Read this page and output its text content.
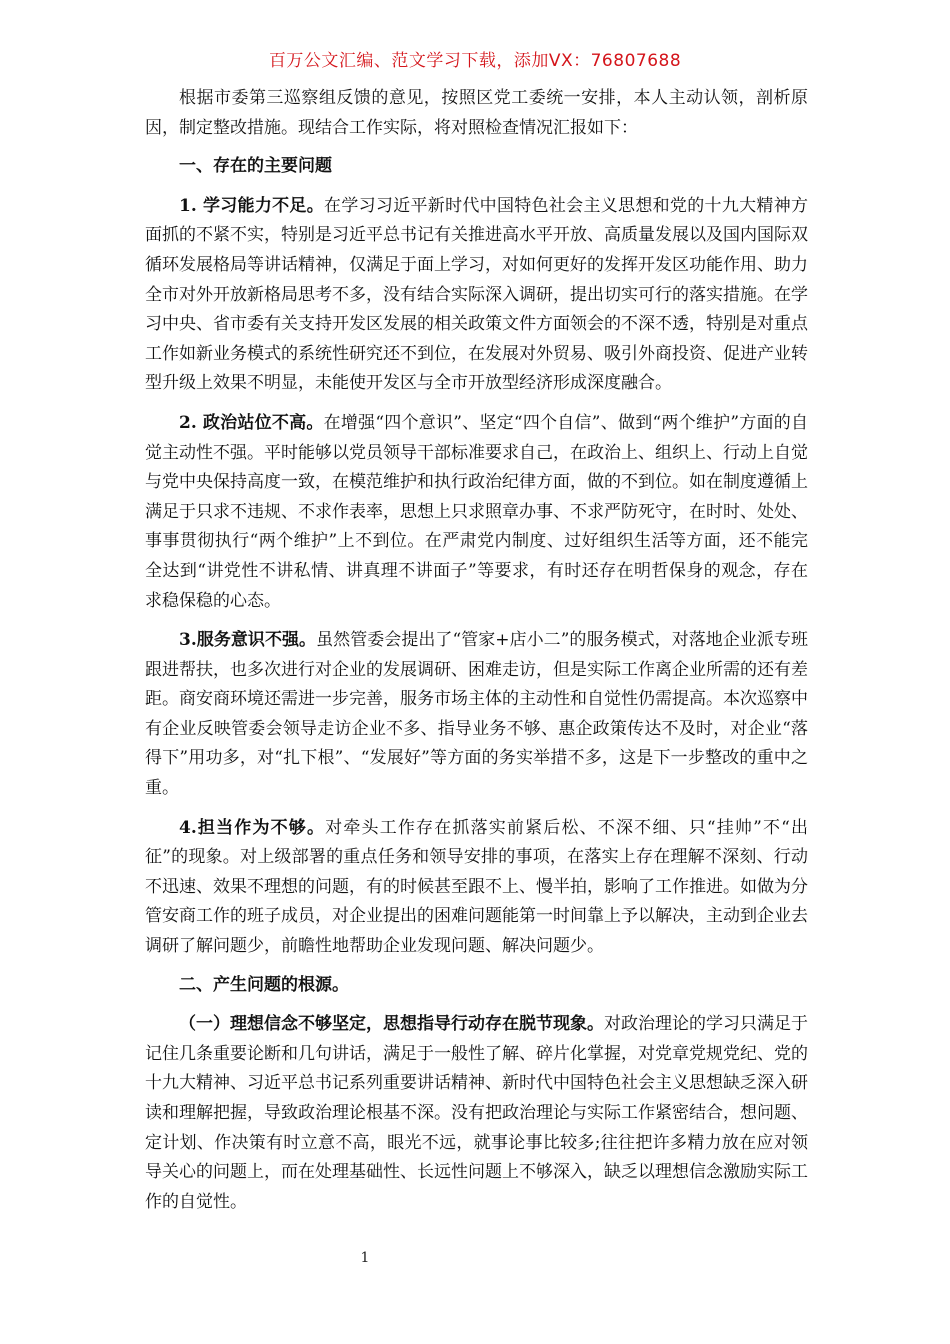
百万公文汇编、范文学习下载，添加VX：76807688

根据市委第三巡察组反馈的意见，按照区党工委统一安排，本人主动认领，剖析原因，制定整改措施。现结合工作实际，将对照检查情况汇报如下：

一、存在的主要问题

1. 学习能力不足。在学习习近平新时代中国特色社会主义思想和党的十九大精神方面抓的不紧不实，特别是习近平总书记有关推进高水平开放、高质量发展以及国内国际双循环发展格局等讲话精神，仅满足于面上学习，对如何更好的发挥开发区功能作用、助力全市对外开放新格局思考不多，没有结合实际深入调研，提出切实可行的落实措施。在学习中央、省市委有关支持开发区发展的相关政策文件方面领会的不深不透，特别是对重点工作如新业务模式的系统性研究还不到位，在发展对外贸易、吸引外商投资、促进产业转型升级上效果不明显，未能使开发区与全市开放型经济形成深度融合。

2. 政治站位不高。在增强“四个意识”、坚定“四个自信”、做到“两个维护”方面的自觉主动性不强。平时能够以党员领导干部标准要求自己，在政治上、组织上、行动上自觉与党中央保持高度一致，在模范维护和执行政治纪律方面，做的不到位。如在制度遵循上满足于只求不违规、不求作表率，思想上只求照章办事、不求严防死守，在时时、处处、事事贯彻执行“两个维护”上不到位。在严肃党内制度、过好组织生活等方面，还不能完全达到“讲党性不讲私情、讲真理不讲面子”等要求，有时还存在明哲保身的观念，存在求稳保稳的心态。

3.服务意识不强。虽然管委会提出了“管家+店小二”的服务模式，对落地企业派专班跟进帮扶，也多次进行对企业的发展调研、困难走访，但是实际工作离企业所需的还有差距。商安商环境还需进一步完善，服务市场主体的主动性和自觉性仍需提高。本次巡察中有企业反映管委会领导走访企业不多、指导业务不够、惠企政策传达不及时，对企业“落得下”用功多，对“扎下根”、“发展好”等方面的务实举措不多，这是下一步整改的重中之重。

4.担当作为不够。对牵头工作存在抓落实前紧后松、不深不细、只“挂帅”不“出征”的现象。对上级部署的重点任务和领导安排的事项，在落实上存在理解不深刻、行动不迅速、效果不理想的问题，有的时候甚至跟不上、慢半拍，影响了工作推进。如做为分管安商工作的班子成员，对企业提出的困难问题能第一时间靠上予以解决，主动到企业去调研了解问题少，前瞻性地帮助企业发现问题、解决问题少。

二、产生问题的根源。

（一）理想信念不够坚定，思想指导行动存在脱节现象。对政治理论的学习只满足于记住几条重要论断和几句讲话，满足于一般性了解、碎片化掌握，对党章党规党纪、党的十九大精神、习近平总书记系列重要讲话精神、新时代中国特色社会主义思想缺乏深入研读和理解把握，导致政治理论根基不深。没有把政治理论与实际工作紧密结合，想问题、定计划、作决策有时立意不高，眼光不远，就事论事比较多;往往把许多精力放在应对领导关心的问题上，而在处理基础性、长远性问题上不够深入，缺乏以理想信念激励实际工作的自觉性。

1
